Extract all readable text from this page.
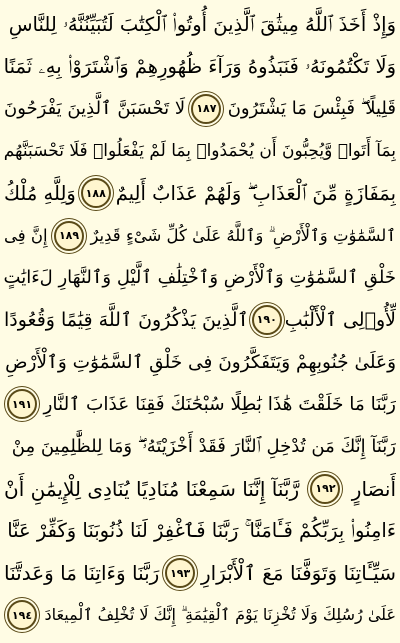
وَإِذْ أَخَذَ ٱللَّهُ مِيثَٰقَ ٱلَّذِينَ أُوتُوا۟ ٱلْكِتَٰبَ لَتُبَيِّنُنَّهُۥ لِلنَّاسِ
وَلَا تَكْتُمُونَهُۥ فَنَبَذُوهُ وَرَآءَ ظُهُورِهِمْ وَٱشْتَرَوْا۟ بِهِۦ ثَمَنًا
قَلِيلًا ۖ فَبِئْسَ مَا يَشْتَرُونَ
١٨٧
لَا تَحْسَبَنَّ ٱلَّذِينَ يَفْرَحُونَ
بِمَآ أَتَوا۟ وَّيُحِبُّونَ أَن يُحْمَدُوا۟ بِمَا لَمْ يَفْعَلُوا۟ فَلَا تَحْسَبَنَّهُم
بِمَفَازَةٍ مِّنَ ٱلْعَذَابِ ۖ وَلَهُمْ عَذَابٌ أَلِيمٌ
١٨٨
وَلِلَّهِ مُلْكُ
ٱلسَّمَٰوَٰتِ وَٱلْأَرْضِ ۗ وَٱللَّهُ عَلَىٰ كُلِّ شَىْءٍ قَدِيرٌ
١٨٩
إِنَّ فِى
خَلْقِ ٱلسَّمَٰوَٰتِ وَٱلْأَرْضِ وَٱخْتِلَٰفِ ٱلَّيْلِ وَٱلنَّهَارِ لَءَايَٰتٍ
لِّأُو۟لِى ٱلْأَلْبَٰبِ
١٩٠
ٱلَّذِينَ يَذْكُرُونَ ٱللَّهَ قِيَٰمًا وَقُعُودًا
وَعَلَىٰ جُنُوبِهِمْ وَيَتَفَكَّرُونَ فِى خَلْقِ ٱلسَّمَٰوَٰتِ وَٱلْأَرْضِ
رَبَّنَا مَا خَلَقْتَ هَٰذَا بَٰطِلًا سُبْحَٰنَكَ فَقِنَا عَذَابَ ٱلنَّارِ
١٩١
رَبَّنَآ إِنَّكَ مَن تُدْخِلِ ٱلنَّارَ فَقَدْ أَخْزَيْتَهُۥ ۖ وَمَا لِلظَّٰلِمِينَ مِنْ
أَنصَارٍ
١٩٢
رَّبَّنَآ إِنَّنَا سَمِعْنَا مُنَادِيًا يُنَادِى لِلْإِيمَٰنِ أَنْ
ءَامِنُوا۟ بِرَبِّكُمْ فَـَٔامَنَّا ۚ رَبَّنَا فَٱغْفِرْ لَنَا ذُنُوبَنَا وَكَفِّرْ عَنَّا
سَيِّـَٔاتِنَا وَتَوَفَّنَا مَعَ ٱلْأَبْرَارِ
١٩٣
رَبَّنَا وَءَاتِنَا مَا وَعَدتَّنَا
عَلَىٰ رُسُلِكَ وَلَا تُخْزِنَا يَوْمَ ٱلْقِيَٰمَةِ ۗ إِنَّكَ لَا تُخْلِفُ ٱلْمِيعَادَ
١٩٤
